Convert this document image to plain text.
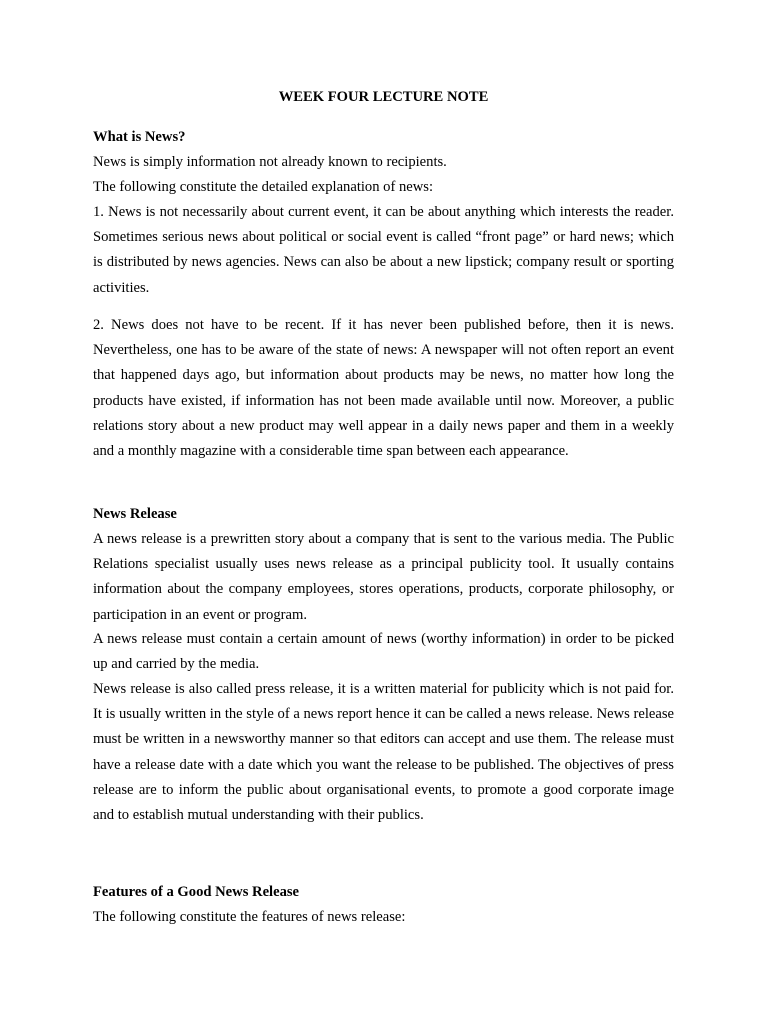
WEEK FOUR LECTURE NOTE
What is News?
News is simply information not already known to recipients.
The following constitute the detailed explanation of news:

1. News is not necessarily about current event, it can be about anything which interests the reader. Sometimes serious news about political or social event is called “front page” or hard news; which is distributed by news agencies. News can also be about a new lipstick; company result or sporting activities.

2. News does not have to be recent. If it has never been published before, then it is news. Nevertheless, one has to be aware of the state of news: A newspaper will not often report an event that happened days ago, but information about products may be news, no matter how long the products have existed, if information has not been made available until now. Moreover, a public relations story about a new product may well appear in a daily news paper and them in a weekly and a monthly magazine with a considerable time span between each appearance.

News Release

A news release is a prewritten story about a company that is sent to the various media. The Public Relations specialist usually uses news release as a principal publicity tool. It usually contains information about the company employees, stores operations, products, corporate philosophy, or participation in an event or program.

A news release must contain a certain amount of news (worthy information) in order to be picked up and carried by the media.

News release is also called press release, it is a written material for publicity which is not paid for. It is usually written in the style of a news report hence it can be called a news release. News release must be written in a newsworthy manner so that editors can accept and use them. The release must have a release date with a date which you want the release to be published. The objectives of press release are to inform the public about organisational events, to promote a good corporate image and to establish mutual understanding with their publics.

Features of a Good News Release
The following constitute the features of news release:
